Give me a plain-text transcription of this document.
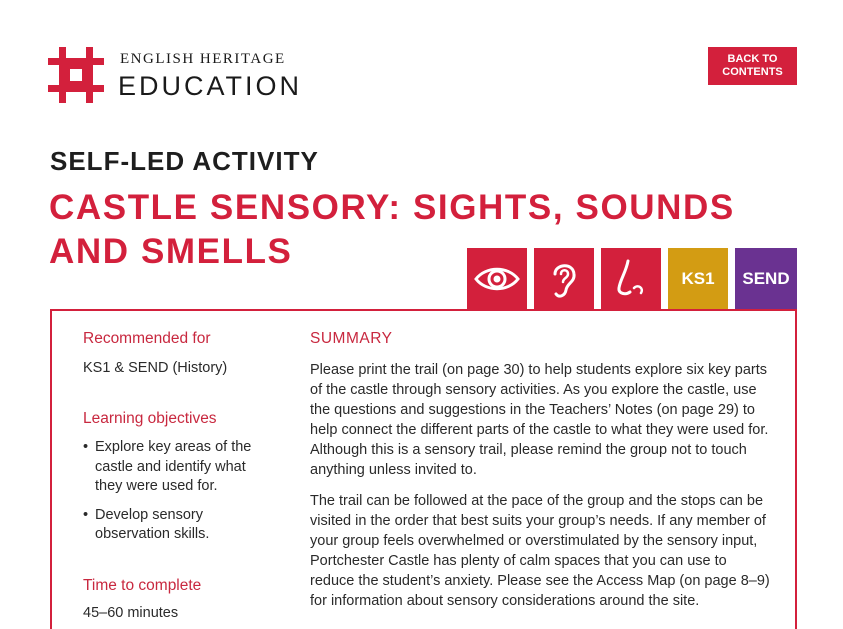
ENGLISH HERITAGE
EDUCATION
BACK TO CONTENTS
SELF-LED ACTIVITY
CASTLE SENSORY: SIGHTS, SOUNDS AND SMELLS
KS1	SEND
Recommended for
KS1 & SEND (History)
Learning objectives
• Explore key areas of the castle and identify what they were used for.
• Develop sensory observation skills.
Time to complete
45–60 minutes
SUMMARY

Please print the trail (on page 30) to help students explore six key parts of the castle through sensory activities. As you explore the castle, use the questions and suggestions in the Teachers’ Notes (on page 29) to help connect the different parts of the castle to what they were used for. Although this is a sensory trail, please remind the group not to touch anything unless invited to.

The trail can be followed at the pace of the group and the stops can be visited in the order that best suits your group’s needs. If any member of your group feels overwhelmed or overstimulated by the sensory input, Portchester Castle has plenty of calm spaces that you can use to reduce the student’s anxiety. Please see the Access Map (on page 8–9) for information about sensory considerations around the site.
